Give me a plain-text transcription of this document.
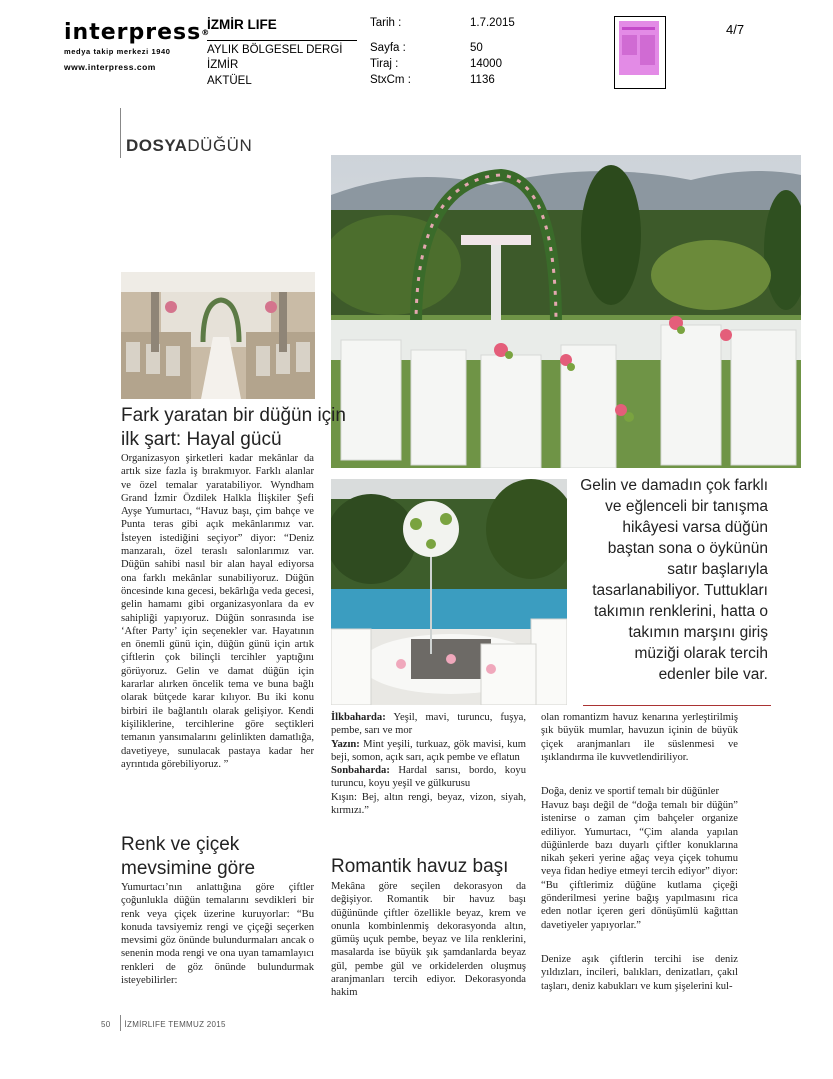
interpress®
medya takip merkezi 1940
www.interpress.com
İZMİR LIFE
AYLIK BÖLGESEL DERGİ
İZMİR
AKTÜEL
Tarih :	1.7.2015
Sayfa :	50
Tiraj :	14000
StxCm :	1136
4/7
DOSYADÜĞÜN
Fark yaratan bir düğün için
ilk şart: Hayal gücü
Organizasyon şirketleri kadar mekânlar da artık size fazla iş bırakmıyor. Farklı alanlar ve özel temalar yaratabiliyor. Wyndham Grand İzmir Özdilek Halkla İlişkiler Şefi Ayşe Yumurtacı, “Havuz başı, çim bahçe ve Punta teras gibi açık mekânlarımız var. İsteyen istediğini seçiyor” diyor: “Deniz manzaralı, özel teraslı salonlarımız var. Düğün sahibi nasıl bir alan hayal ediyorsa ona farklı mekânlar sunabiliyoruz. Düğün öncesinde kına gecesi, bekârlığa veda gecesi, gelin hamamı gibi organizasyonlara da ev sahipliği yapıyoruz. Düğün sonrasında ise ‘After Party’ için seçenekler var. Hayatının en önemli günü için, düğün günü için artık çiftlerin çok bilinçli tercihler yaptığını görüyoruz. Gelin ve damat düğün için kararlar alırken öncelik tema ve buna bağlı olarak bütçede karar kılıyor. Bu iki konu birbiri ile bağlantılı olarak gelişiyor. Kendi kişiliklerine, tercihlerine göre seçtikleri temanın yansımalarını gelinlikten damatlığa, davetiyeye, sunulacak pastaya kadar her ayrıntıda görebiliyoruz. ”
Renk ve çiçek
mevsimine göre
Yumurtacı’nın anlattığına göre çiftler çoğunlukla düğün temalarını sevdikleri bir renk veya çiçek üzerine kuruyorlar: “Bu konuda tavsiyemiz rengi ve çiçeği seçerken mevsimi göz önünde bulundurmaları ancak o senenin moda rengi ve ona uyan tamamlayıcı renkleri de göz önünde bulundurmak isteyebilirler:
Gelin ve damadın çok farklı ve eğlenceli bir tanışma hikâyesi varsa düğün baştan sona o öykünün satır başlarıyla tasarlanabiliyor. Tuttukları takımın renklerini, hatta o takımın marşını giriş müziği olarak tercih edenler bile var.

İlkbaharda: Yeşil, mavi, turuncu, fuşya, pembe, sarı ve mor

Yazın: Mint yeşili, turkuaz, gök mavisi, kum beji, somon, açık sarı, açık pembe ve eflatun

Sonbaharda: Hardal sarısı, bordo, koyu turuncu, koyu yeşil ve gülkurusu

Kışın: Bej, altın rengi, beyaz, vizon, siyah, kırmızı.”

Romantik havuz başı
Mekâna göre seçilen dekorasyon da değişiyor. Romantik bir havuz başı düğününde çiftler özellikle beyaz, krem ve onunla kombinlenmiş dekorasyonda altın, gümüş uçuk pembe, beyaz ve lila renklerini, masalarda ise büyük şık şamdanlarda beyaz gül, pembe gül ve orkidelerden oluşmuş aranjmanları tercih ediyor. Dekorasyonda hakim
olan romantizm havuz kenarına yerleştirilmiş şık büyük mumlar, havuzun içinin de büyük çiçek aranjmanları ile süslenmesi ve ışıklandırma ile kuvvetlendiriliyor.
Doğa, deniz ve sportif temalı bir düğünler
Havuz başı değil de “doğa temalı bir düğün” istenirse o zaman çim bahçeler organize ediliyor. Yumurtacı, “Çim alanda yapılan düğünlerde bazı duyarlı çiftler konuklarına nikah şekeri yerine ağaç veya çiçek tohumu veya fidan hediye etmeyi tercih ediyor” diyor: “Bu çiftlerimiz düğüne kutlama çiçeği gönderilmesi yerine bağış yapılmasını rica eden notlar içeren geri dönüşümlü kağıttan davetiyeler yapıyorlar.”
Denize aşık çiftlerin tercihi ise deniz yıldızları, incileri, balıkları, denizatları, çakıl taşları, deniz kabukları ve kum şişelerini kul-
50 İZMİRLIFE TEMMUZ 2015
